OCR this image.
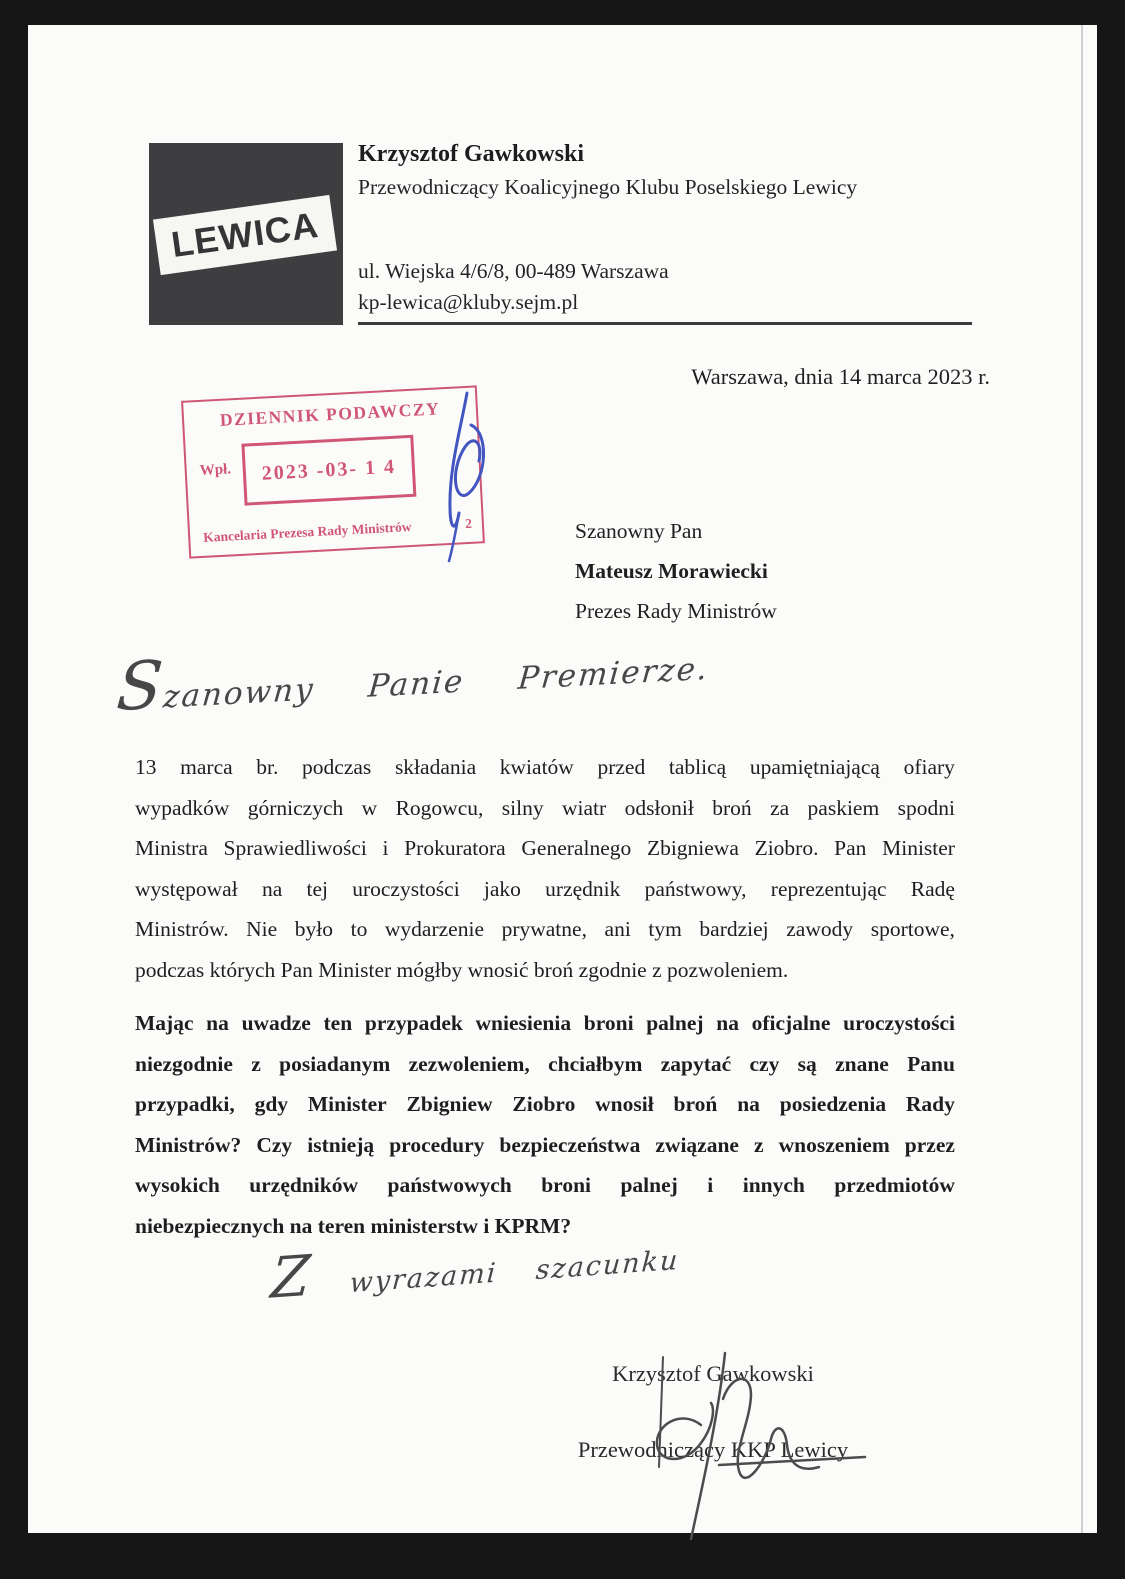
LEWICA
Krzysztof Gawkowski
Przewodniczący Koalicyjnego Klubu Poselskiego Lewicy
ul. Wiejska 4/6/8, 00-489 Warszawa
kp-lewica@kluby.sejm.pl
DZIENNIK PODAWCZY
Wpł. 2023 -03- 1 4
Kancelaria Prezesa Rady Ministrów	2
Warszawa, dnia 14 marca 2023 r.
Szanowny Pan
Mateusz Morawiecki
Prezes Rady Ministrów
Szanowny Panie Premierze.
13 marca br. podczas składania kwiatów przed tablicą upamiętniającą ofiary
wypadków górniczych w Rogowcu, silny wiatr odsłonił broń za paskiem spodni
Ministra Sprawiedliwości i Prokuratora Generalnego Zbigniewa Ziobro. Pan Minister
występował na tej uroczystości jako urzędnik państwowy, reprezentując Radę
Ministrów. Nie było to wydarzenie prywatne, ani tym bardziej zawody sportowe,
podczas których Pan Minister mógłby wnosić broń zgodnie z pozwoleniem.
Mając na uwadze ten przypadek wniesienia broni palnej na oficjalne uroczystości
niezgodnie z posiadanym zezwoleniem, chciałbym zapytać czy są znane Panu
przypadki, gdy Minister Zbigniew Ziobro wnosił broń na posiedzenia Rady
Ministrów? Czy istnieją procedury bezpieczeństwa związane z wnoszeniem przez
wysokich urzędników państwowych broni palnej i innych przedmiotów
niebezpiecznych na teren ministerstw i KPRM?
Z wyrazami szacunku
Krzysztof Gawkowski
Przewodniczący KKP Lewicy
